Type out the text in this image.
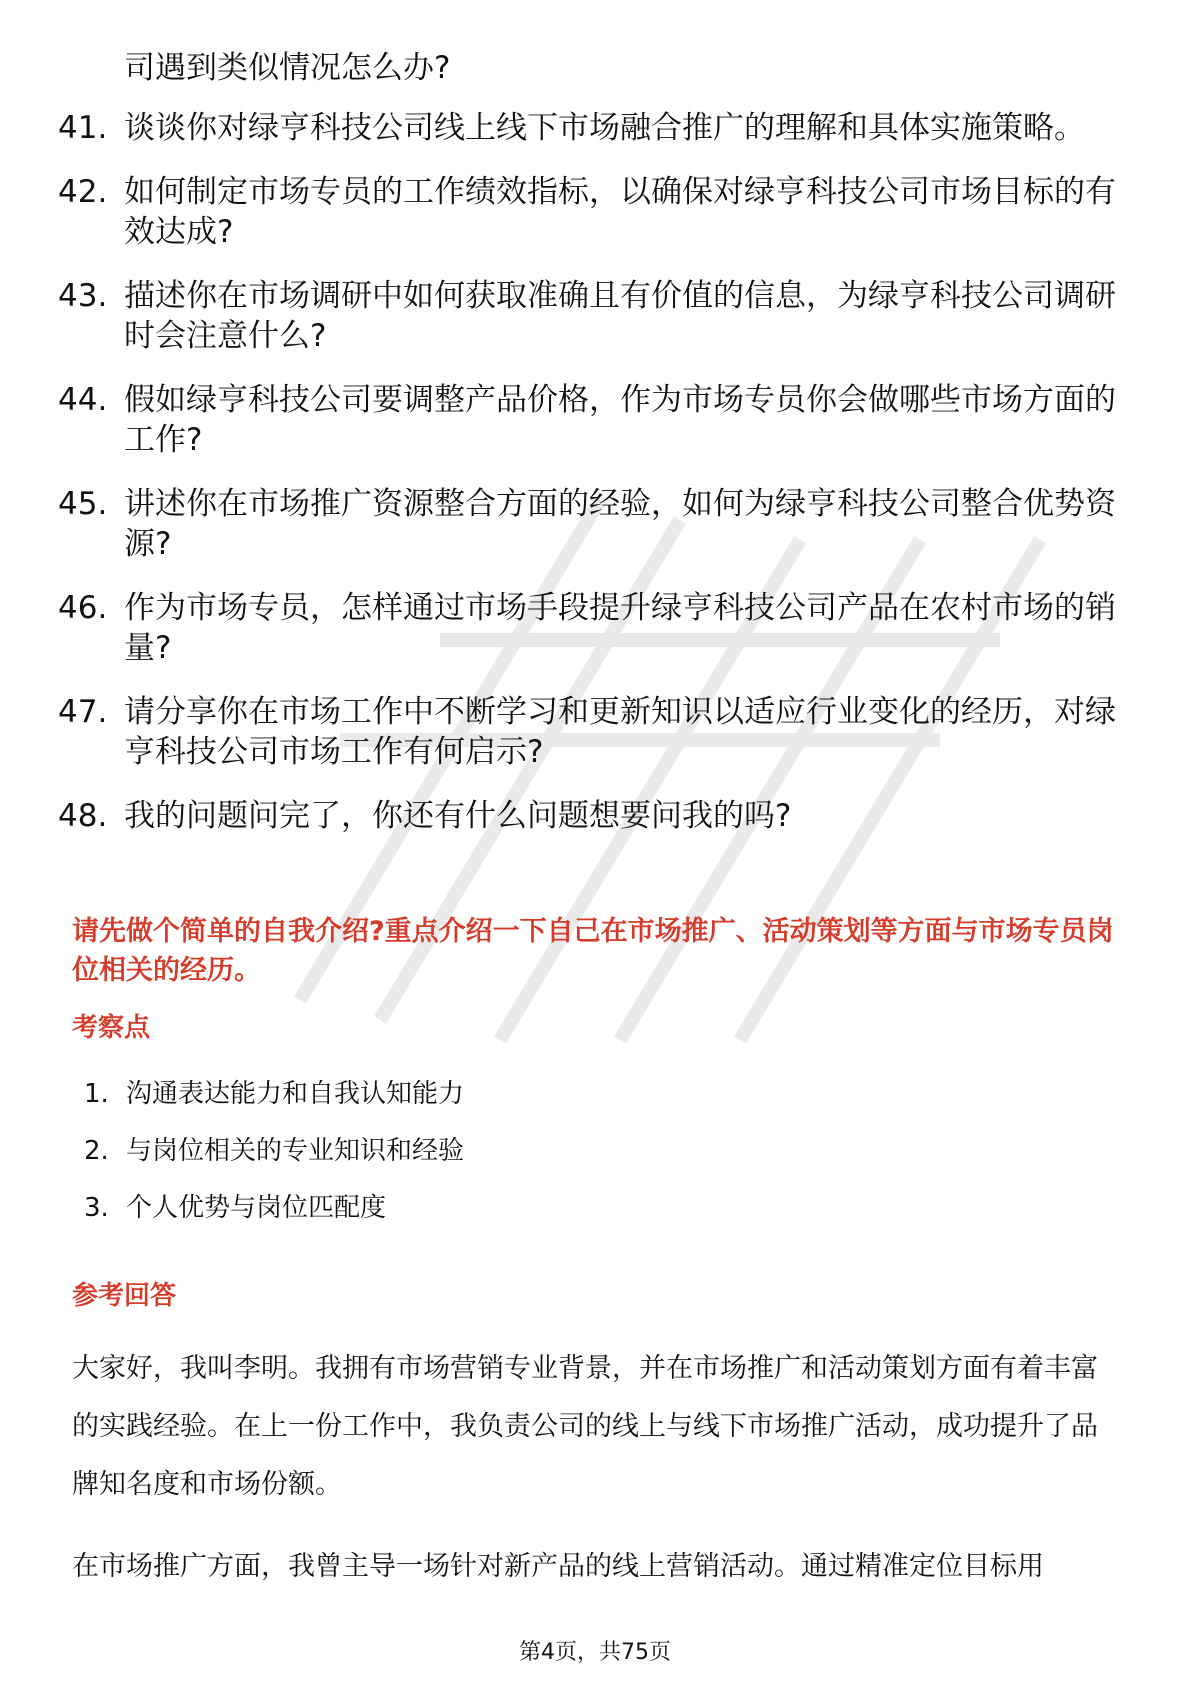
司遇到类似情况怎么办?
41. 谈谈你对绿亨科技公司线上线下市场融合推广的理解和具体实施策略。
42. 如何制定市场专员的工作绩效指标，以确保对绿亨科技公司市场目标的有效达成?
43. 描述你在市场调研中如何获取准确且有价值的信息，为绿亨科技公司调研时会注意什么?
44. 假如绿亨科技公司要调整产品价格，作为市场专员你会做哪些市场方面的工作?
45. 讲述你在市场推广资源整合方面的经验，如何为绿亨科技公司整合优势资源?
46. 作为市场专员，怎样通过市场手段提升绿亨科技公司产品在农村市场的销量?
47. 请分享你在市场工作中不断学习和更新知识以适应行业变化的经历，对绿亨科技公司市场工作有何启示?
48. 我的问题问完了，你还有什么问题想要问我的吗?
请先做个简单的自我介绍?重点介绍一下自己在市场推广、活动策划等方面与市场专员岗位相关的经历。
考察点
1. 沟通表达能力和自我认知能力
2. 与岗位相关的专业知识和经验
3. 个人优势与岗位匹配度
参考回答
大家好，我叫李明。我拥有市场营销专业背景，并在市场推广和活动策划方面有着丰富的实践经验。在上一份工作中，我负责公司的线上与线下市场推广活动，成功提升了品牌知名度和市场份额。
在市场推广方面，我曾主导一场针对新产品的线上营销活动。通过精准定位目标用
第4页，共75页
